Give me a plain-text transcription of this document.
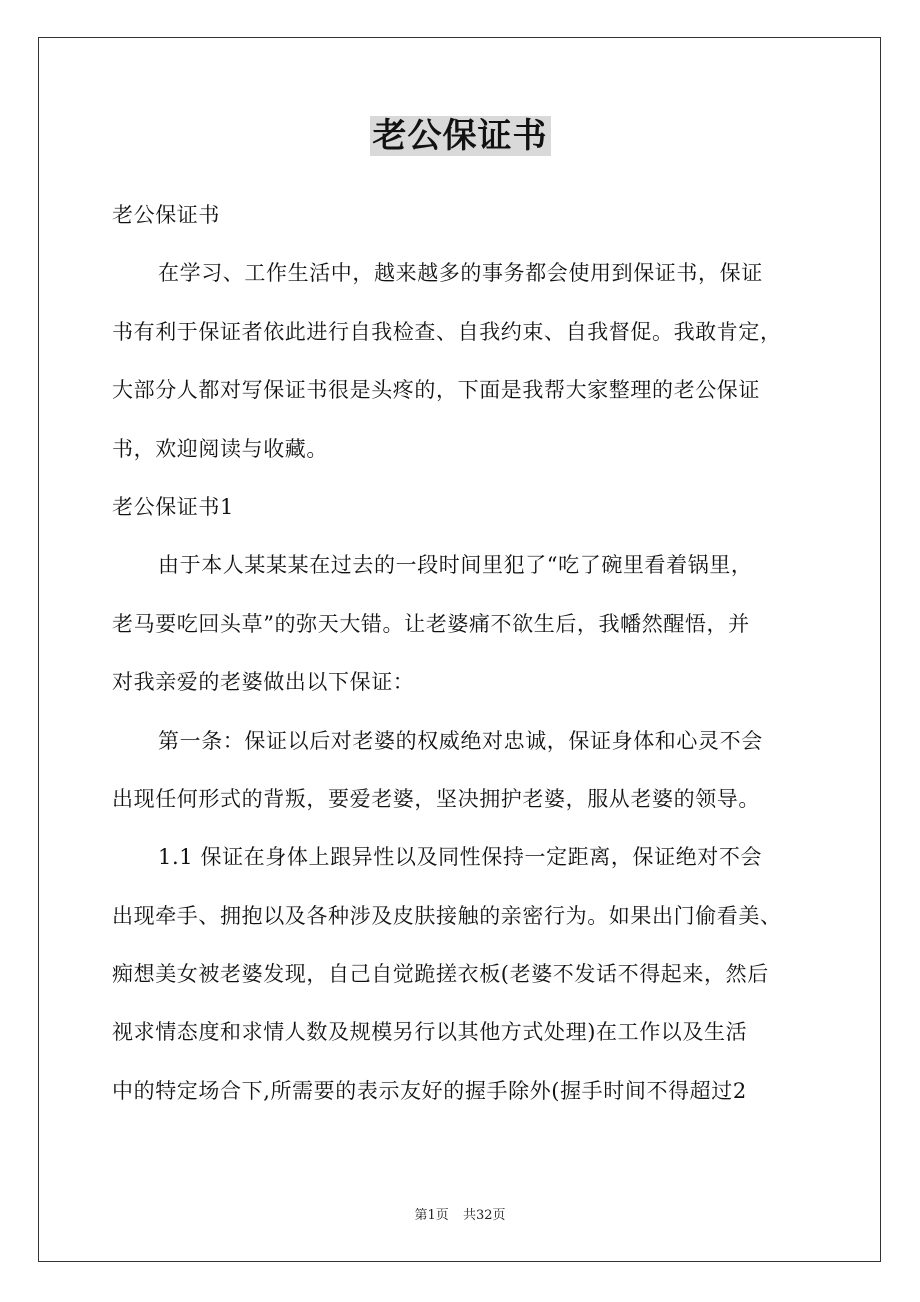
老公保证书
老公保证书
在学习、工作生活中，越来越多的事务都会使用到保证书，保证
书有利于保证者依此进行自我检查、自我约束、自我督促。我敢肯定，
大部分人都对写保证书很是头疼的，下面是我帮大家整理的老公保证
书，欢迎阅读与收藏。
老公保证书1
由于本人某某某在过去的一段时间里犯了“吃了碗里看着锅里，
老马要吃回头草”的弥天大错。让老婆痛不欲生后，我幡然醒悟，并
对我亲爱的老婆做出以下保证：
第一条：保证以后对老婆的权威绝对忠诚，保证身体和心灵不会
出现任何形式的背叛，要爱老婆，坚决拥护老婆，服从老婆的领导。
1.1 保证在身体上跟异性以及同性保持一定距离，保证绝对不会
出现牵手、拥抱以及各种涉及皮肤接触的亲密行为。如果出门偷看美、
痴想美女被老婆发现，自己自觉跪搓衣板(老婆不发话不得起来，然后
视求情态度和求情人数及规模另行以其他方式处理)在工作以及生活
中的特定场合下,所需要的表示友好的握手除外(握手时间不得超过2
第1页 共32页
